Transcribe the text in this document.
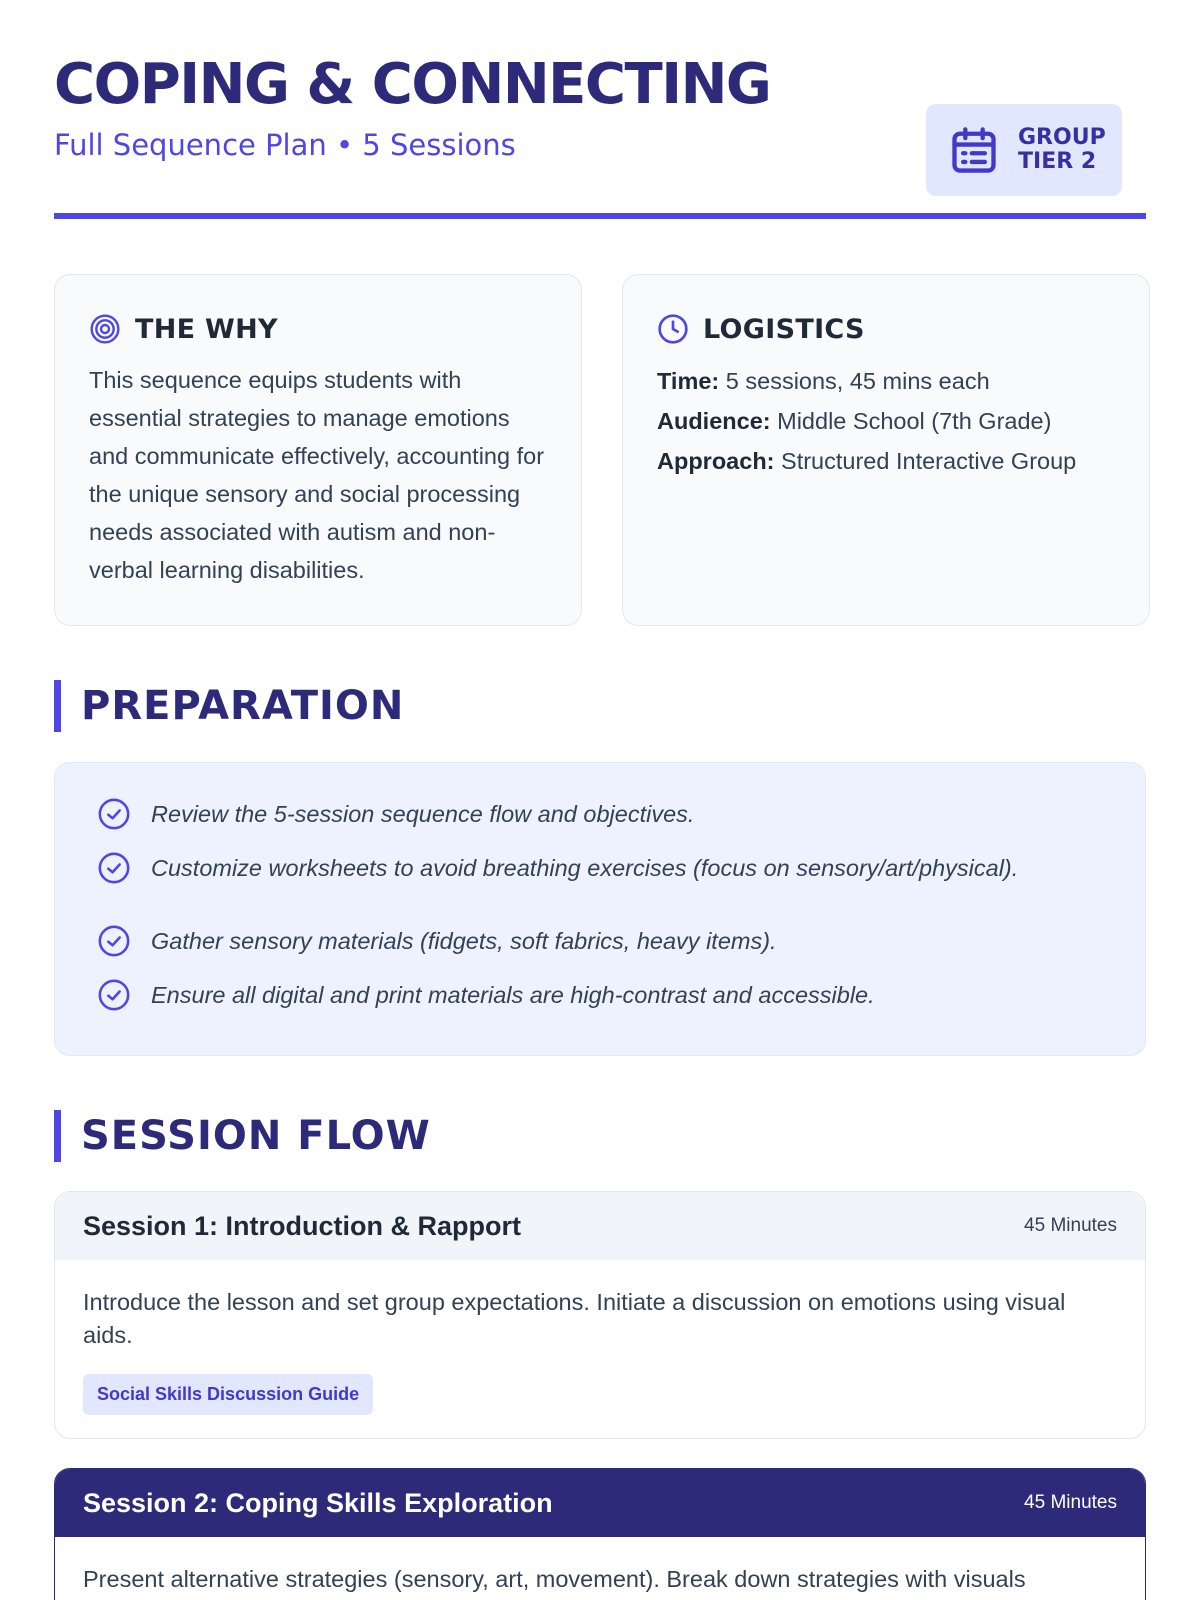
COPING & CONNECTING
Full Sequence Plan • 5 Sessions	GROUP
TIER 2
THE WHY
This sequence equips students with essential strategies to manage emotions and communicate effectively, accounting for the unique sensory and social processing needs associated with autism and non-verbal learning disabilities.
LOGISTICS
Time: 5 sessions, 45 mins each
Audience: Middle School (7th Grade)
Approach: Structured Interactive Group
PREPARATION
Review the 5-session sequence flow and objectives.
Customize worksheets to avoid breathing exercises (focus on sensory/art/physical).
Gather sensory materials (fidgets, soft fabrics, heavy items).
Ensure all digital and print materials are high-contrast and accessible.
SESSION FLOW
Session 1: Introduction & Rapport	45 Minutes
Introduce the lesson and set group expectations. Initiate a discussion on emotions using visual aids.
Social Skills Discussion Guide
Session 2: Coping Skills Exploration	45 Minutes
Present alternative strategies (sensory, art, movement). Break down strategies with visuals
